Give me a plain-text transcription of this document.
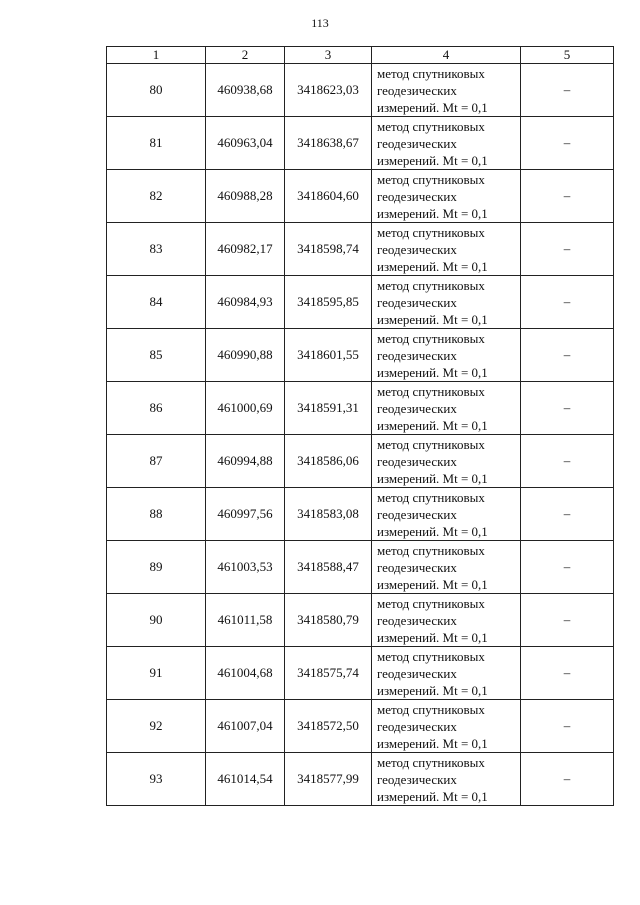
113
1	2	3	4	5
80	460938,68	3418623,03	метод спутниковых
геодезических
измерений. Mt = 0,1	–
81	460963,04	3418638,67	метод спутниковых
геодезических
измерений. Mt = 0,1	–
82	460988,28	3418604,60	метод спутниковых
геодезических
измерений. Mt = 0,1	–
83	460982,17	3418598,74	метод спутниковых
геодезических
измерений. Mt = 0,1	–
84	460984,93	3418595,85	метод спутниковых
геодезических
измерений. Mt = 0,1	–
85	460990,88	3418601,55	метод спутниковых
геодезических
измерений. Mt = 0,1	–
86	461000,69	3418591,31	метод спутниковых
геодезических
измерений. Mt = 0,1	–
87	460994,88	3418586,06	метод спутниковых
геодезических
измерений. Mt = 0,1	–
88	460997,56	3418583,08	метод спутниковых
геодезических
измерений. Mt = 0,1	–
89	461003,53	3418588,47	метод спутниковых
геодезических
измерений. Mt = 0,1	–
90	461011,58	3418580,79	метод спутниковых
геодезических
измерений. Mt = 0,1	–
91	461004,68	3418575,74	метод спутниковых
геодезических
измерений. Mt = 0,1	–
92	461007,04	3418572,50	метод спутниковых
геодезических
измерений. Mt = 0,1	–
93	461014,54	3418577,99	метод спутниковых
геодезических
измерений. Mt = 0,1	–
